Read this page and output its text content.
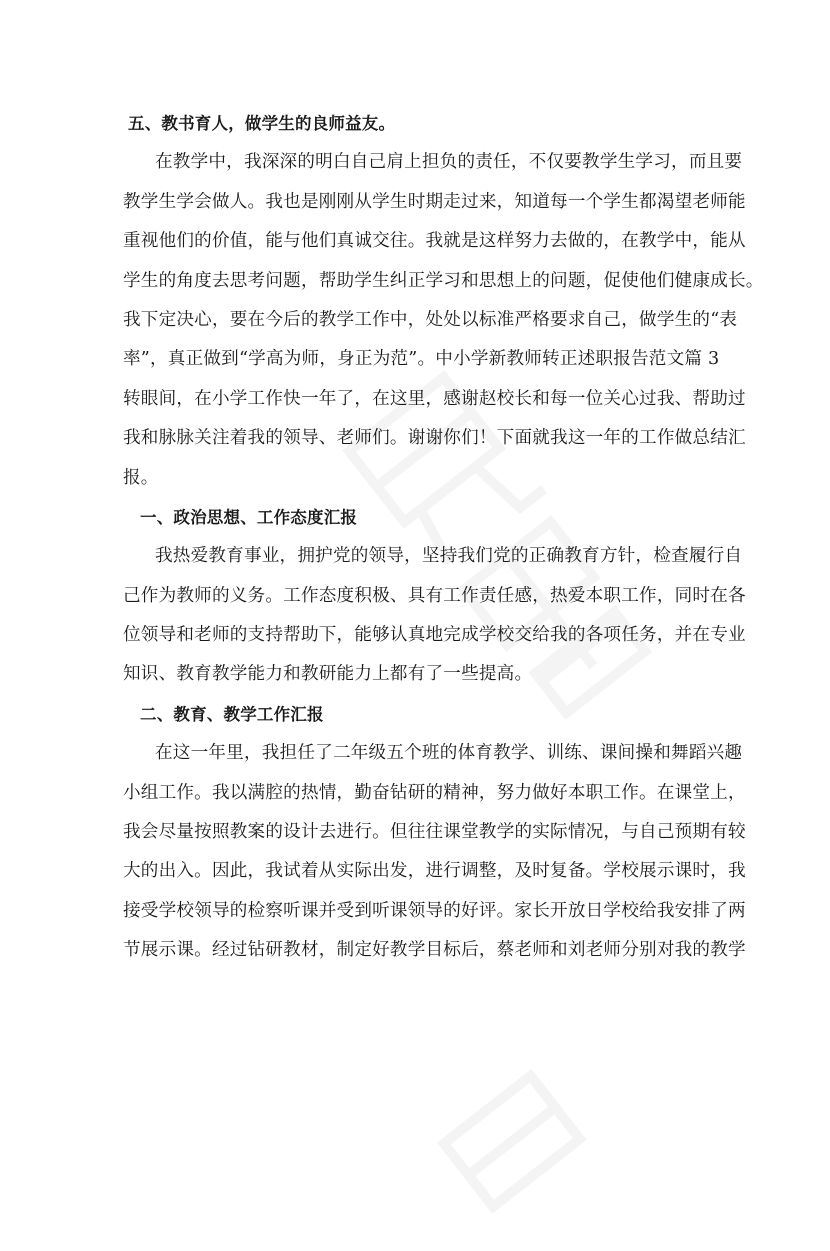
五、教书育人，做学生的良师益友。
在教学中，我深深的明白自己肩上担负的责任，不仅要教学生学习，而且要
教学生学会做人。我也是刚刚从学生时期走过来，知道每一个学生都渴望老师能
重视他们的价值，能与他们真诚交往。我就是这样努力去做的，在教学中，能从
学生的角度去思考问题，帮助学生纠正学习和思想上的问题，促使他们健康成长。
我下定决心，要在今后的教学工作中，处处以标准严格要求自己，做学生的“表
率”，真正做到“学高为师，身正为范”。中小学新教师转正述职报告范文篇 3
转眼间，在小学工作快一年了，在这里，感谢赵校长和每一位关心过我、帮助过
我和脉脉关注着我的领导、老师们。谢谢你们！下面就我这一年的工作做总结汇
报。
一、政治思想、工作态度汇报
我热爱教育事业，拥护党的领导，坚持我们党的正确教育方针，检查履行自
己作为教师的义务。工作态度积极、具有工作责任感，热爱本职工作，同时在各
位领导和老师的支持帮助下，能够认真地完成学校交给我的各项任务，并在专业
知识、教育教学能力和教研能力上都有了一些提高。
二、教育、教学工作汇报
在这一年里，我担任了二年级五个班的体育教学、训练、课间操和舞蹈兴趣
小组工作。我以满腔的热情，勤奋钻研的精神，努力做好本职工作。在课堂上，
我会尽量按照教案的设计去进行。但往往课堂教学的实际情况，与自己预期有较
大的出入。因此，我试着从实际出发，进行调整，及时复备。学校展示课时，我
接受学校领导的检察听课并受到听课领导的好评。家长开放日学校给我安排了两
节展示课。经过钻研教材，制定好教学目标后，蔡老师和刘老师分别对我的教学
